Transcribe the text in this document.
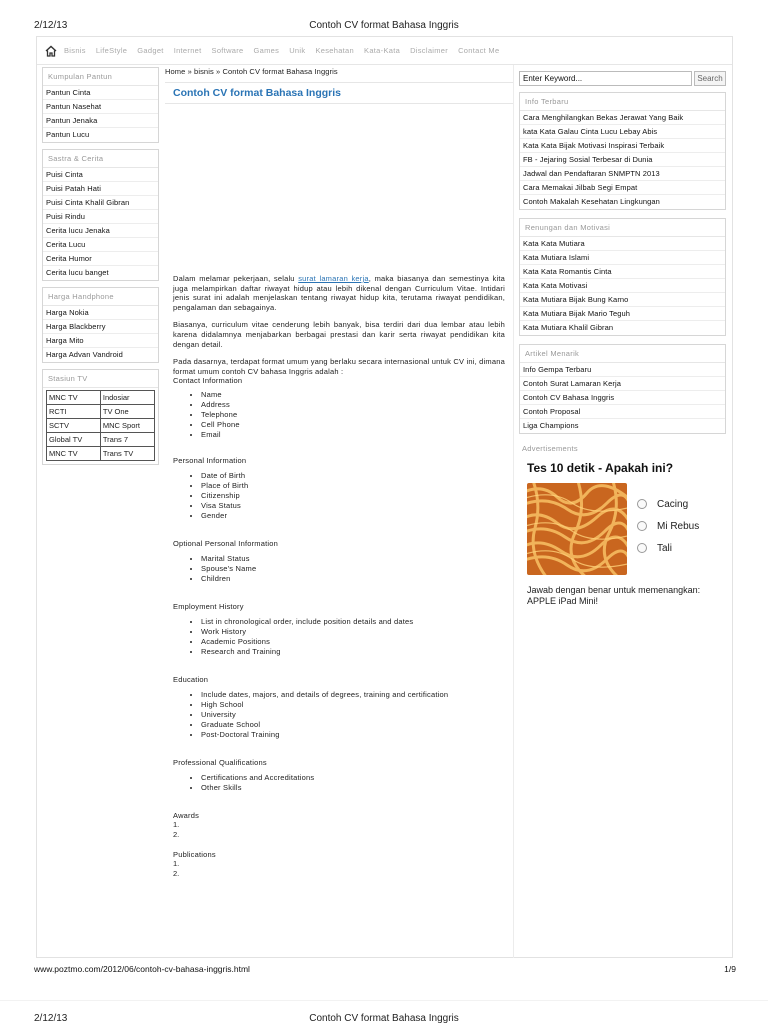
2/12/13	Contoh CV format Bahasa Inggris
Bisnis LifeStyle Gadget Internet Software Games Unik Kesehatan Kata-Kata Disclaimer Contact Me
Kumpulan Pantun
Pantun Cinta
Pantun Nasehat
Pantun Jenaka
Pantun Lucu
Sastra & Cerita
Puisi Cinta
Puisi Patah Hati
Puisi Cinta Khalil Gibran
Puisi Rindu
Cerita lucu Jenaka
Cerita Lucu
Cerita Humor
Cerita lucu banget
Harga Handphone
Harga Nokia
Harga Blackberry
Harga Mito
Harga Advan Vandroid
Stasiun TV
MNC TV	Indosiar
RCTI	TV One
SCTV	MNC Sport
Global TV	Trans 7
MNC TV	Trans TV
Home » bisnis » Contoh CV format Bahasa Inggris
Contoh CV format Bahasa Inggris

Dalam melamar pekerjaan, selalu surat lamaran kerja, maka biasanya dan semestinya kita juga melampirkan daftar riwayat hidup atau lebih dikenal dengan Curriculum Vitae. Intidari jenis surat ini adalah menjelaskan tentang riwayat hidup kita, terutama riwayat pendidikan, pengalaman dan sebagainya.

Biasanya, curriculum vitae cenderung lebih banyak, bisa terdiri dari dua lembar atau lebih karena didalamnya menjabarkan berbagai prestasi dan karir serta riwayat pendidikan kita dengan detail.

Pada dasarnya, terdapat format umum yang berlaku secara internasional untuk CV ini, dimana format umum contoh CV bahasa Inggris adalah :

Contact Information
• Name
• Address
• Telephone
• Cell Phone
• Email
Personal Information
• Date of Birth
• Place of Birth
• Citizenship
• Visa Status
• Gender
Optional Personal Information
• Marital Status
• Spouse's Name
• Children
Employment History
• List in chronological order, include position details and dates
• Work History
• Academic Positions
• Research and Training
Education
• Include dates, majors, and details of degrees, training and certification
• High School
• University
• Graduate School
• Post-Doctoral Training
Professional Qualifications
• Certifications and Accreditations
• Other Skills
Awards
1.
2.
Publications
1.
2.
Enter Keyword...
Search
Info Terbaru
Cara Menghilangkan Bekas Jerawat Yang Baik
kata Kata Galau Cinta Lucu Lebay Abis
Kata Kata Bijak Motivasi Inspirasi Terbaik
FB - Jejaring Sosial Terbesar di Dunia
Jadwal dan Pendaftaran SNMPTN 2013
Cara Memakai Jilbab Segi Empat
Contoh Makalah Kesehatan Lingkungan
Renungan dan Motivasi
Kata Kata Mutiara
Kata Mutiara Islami
Kata Kata Romantis Cinta
Kata Kata Motivasi
Kata Mutiara Bijak Bung Karno
Kata Mutiara Bijak Mario Teguh
Kata Mutiara Khalil Gibran
Artikel Menarik
Info Gempa Terbaru
Contoh Surat Lamaran Kerja
Contoh CV Bahasa Inggris
Contoh Proposal
Liga Champions
Advertisements
Tes 10 detik - Apakah ini?
Cacing
Mi Rebus
Tali
Jawab dengan benar untuk memenangkan: APPLE iPad Mini!
www.poztmo.com/2012/06/contoh-cv-bahasa-inggris.html	1/9
2/12/13	Contoh CV format Bahasa Inggris
